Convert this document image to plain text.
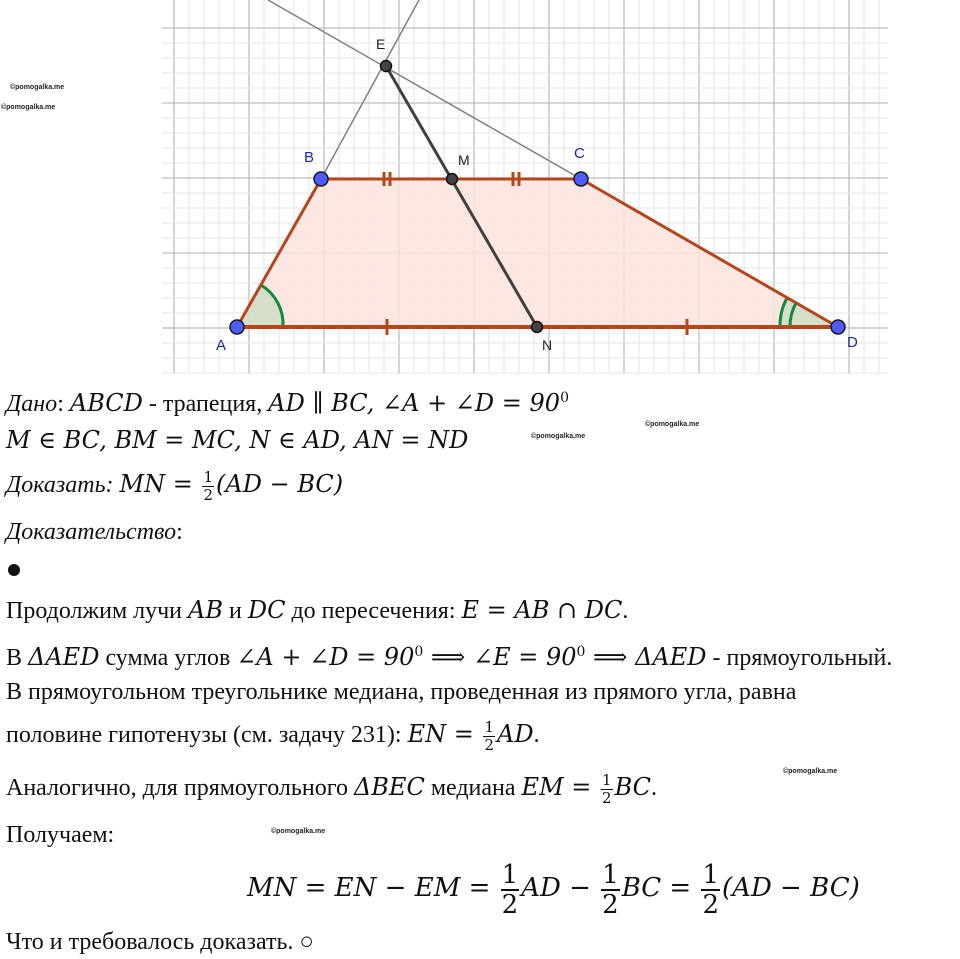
A
B	C
D
E
M
N
©pomogalka.me
©pomogalka.me
©pomogalka.me
©pomogalka.me
©pomogalka.me
©pomogalka.me
Дано: ABCD - трапеция, AD ∥ BC, ∠A + ∠D = $90^0$
M ∈ BC, BM = MC, N ∈ AD, AN = ND
Доказать: MN = $\frac{1}{2} (AD - BC)$
Доказательство:
Продолжим лучи AB и DC до пересечения: E = AB ∩ DC.
В ΔAED сумма углов ∠A + ∠D = $90^0$ ⟹ ∠E = $90^0$ ⟹ ΔAED - прямоугольный.
В прямоугольном треугольнике медиана, проведенная из прямого угла, равна
половине гипотенузы (см. задачу 231): EN = $\frac{1}{2}$ AD.
Аналогично, для прямоугольного ΔBEC медиана EM = $\frac{1}{2}$ BC.
Получаем:
MN = EN − EM = $\frac{1}{2}$ AD − $\frac{1}{2}$ BC = $\frac{1}{2} (AD - BC)$
Что и требовалось доказать. ○
